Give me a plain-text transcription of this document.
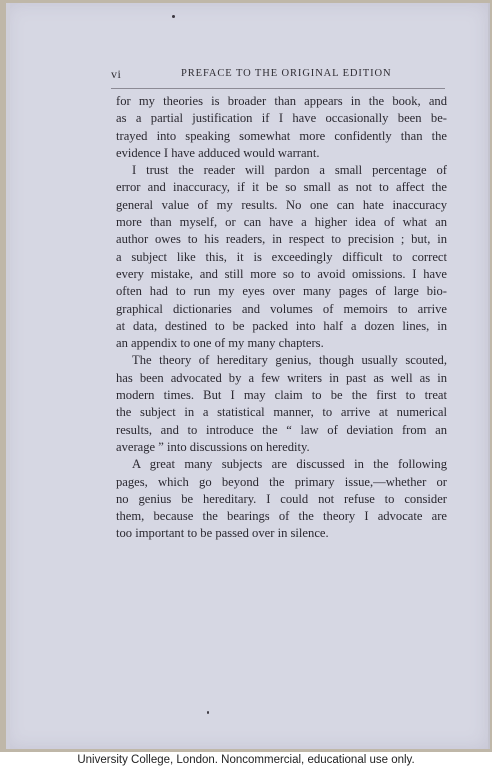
vi	PREFACE TO THE ORIGINAL EDITION

for my theories is broader than appears in the book, and
as a partial justification if I have occasionally been be-
trayed into speaking somewhat more confidently than the
evidence I have adduced would warrant.

I trust the reader will pardon a small percentage of
error and inaccuracy, if it be so small as not to affect the
general value of my results. No one can hate inaccuracy
more than myself, or can have a higher idea of what an
author owes to his readers, in respect to precision ; but, in
a subject like this, it is exceedingly difficult to correct
every mistake, and still more so to avoid omissions. I have
often had to run my eyes over many pages of large bio-
graphical dictionaries and volumes of memoirs to arrive
at data, destined to be packed into half a dozen lines, in
an appendix to one of my many chapters.

The theory of hereditary genius, though usually scouted,
has been advocated by a few writers in past as well as in
modern times. But I may claim to be the first to treat
the subject in a statistical manner, to arrive at numerical
results, and to introduce the “ law of deviation from an
average ” into discussions on heredity.

A great many subjects are discussed in the following
pages, which go beyond the primary issue,—whether or
no genius be hereditary. I could not refuse to consider
them, because the bearings of the theory I advocate are
too important to be passed over in silence.

University College, London. Noncommercial, educational use only.
